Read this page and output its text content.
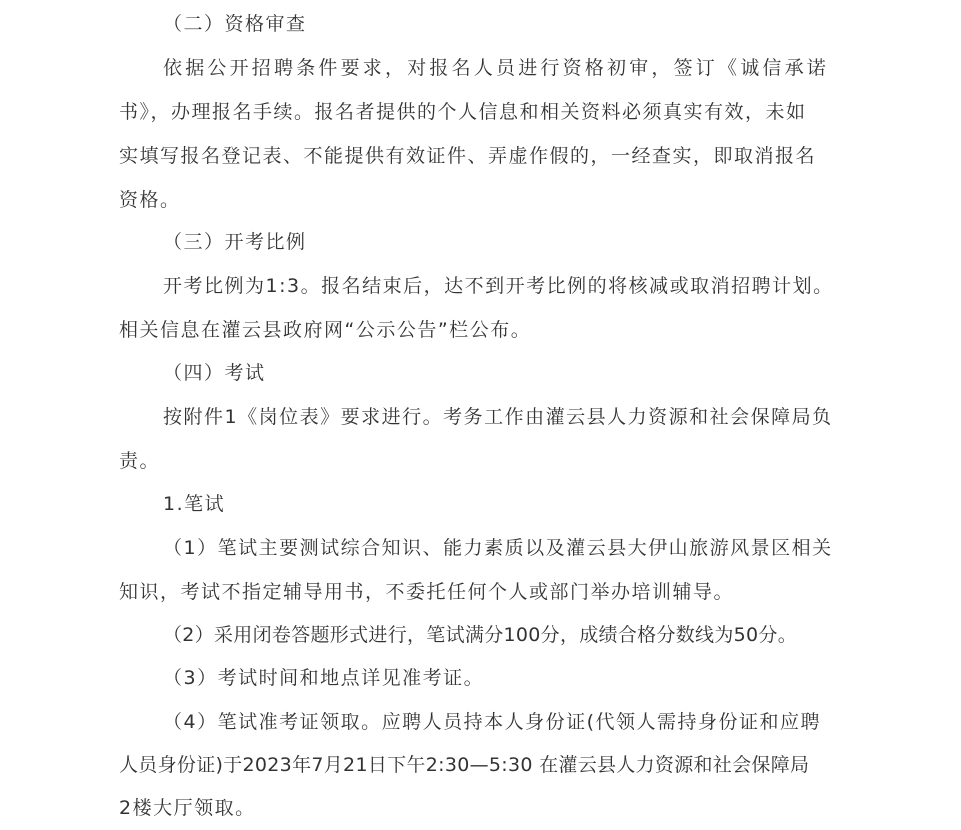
（二）资格审查
依据公开招聘条件要求，对报名人员进行资格初审，签订《诚信承诺
书》，办理报名手续。报名者提供的个人信息和相关资料必须真实有效，未如
实填写报名登记表、不能提供有效证件、弄虚作假的，一经查实，即取消报名
资格。
（三）开考比例
开考比例为1:3。报名结束后，达不到开考比例的将核减或取消招聘计划。
相关信息在灌云县政府网“公示公告”栏公布。
（四）考试
按附件1《岗位表》要求进行。考务工作由灌云县人力资源和社会保障局负
责。
1.笔试
（1）笔试主要测试综合知识、能力素质以及灌云县大伊山旅游风景区相关
知识，考试不指定辅导用书，不委托任何个人或部门举办培训辅导。
（2）采用闭卷答题形式进行，笔试满分100分，成绩合格分数线为50分。
（3）考试时间和地点详见准考证。
（4）笔试准考证领取。应聘人员持本人身份证(代领人需持身份证和应聘
人员身份证)于2023年7月21日下午2:30—5:30 在灌云县人力资源和社会保障局
2楼大厅领取。
